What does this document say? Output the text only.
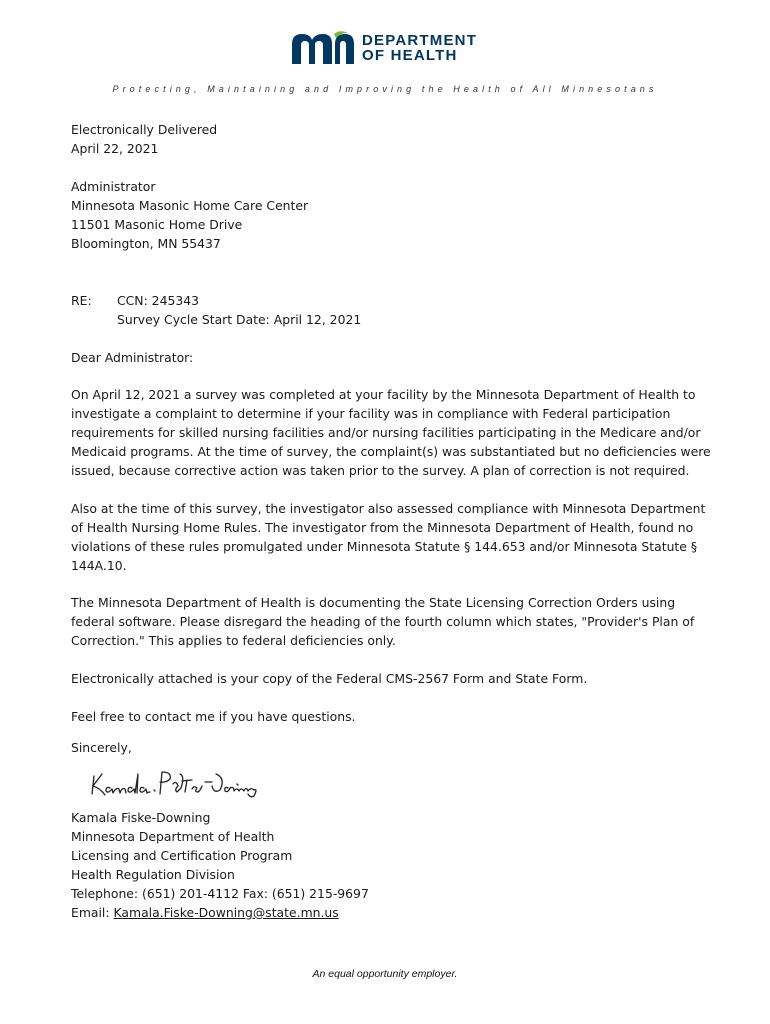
DEPARTMENT
OF HEALTH
Protecting, Maintaining and Improving the Health of All Minnesotans
Electronically Delivered
April 22, 2021
Administrator
Minnesota Masonic Home Care Center
11501 Masonic Home Drive
Bloomington, MN 55437
RE: CCN: 245343
Survey Cycle Start Date: April 12, 2021
Dear Administrator:
On April 12, 2021 a survey was completed at your facility by the Minnesota Department of Health to
investigate a complaint to determine if your facility was in compliance with Federal participation
requirements for skilled nursing facilities and/or nursing facilities participating in the Medicare and/or
Medicaid programs. At the time of survey, the complaint(s) was substantiated but no deficiencies were
issued, because corrective action was taken prior to the survey. A plan of correction is not required.
Also at the time of this survey, the investigator also assessed compliance with Minnesota Department
of Health Nursing Home Rules. The investigator from the Minnesota Department of Health, found no
violations of these rules promulgated under Minnesota Statute § 144.653 and/or Minnesota Statute §
144A.10.
The Minnesota Department of Health is documenting the State Licensing Correction Orders using
federal software. Please disregard the heading of the fourth column which states, "Provider's Plan of
Correction." This applies to federal deficiencies only.
Electronically attached is your copy of the Federal CMS-2567 Form and State Form.
Feel free to contact me if you have questions.
Sincerely,
Kamala Fiske-Downing
Minnesota Department of Health
Licensing and Certification Program
Health Regulation Division
Telephone: (651) 201-4112 Fax: (651) 215-9697
Email: Kamala.Fiske-Downing@state.mn.us
An equal opportunity employer.
